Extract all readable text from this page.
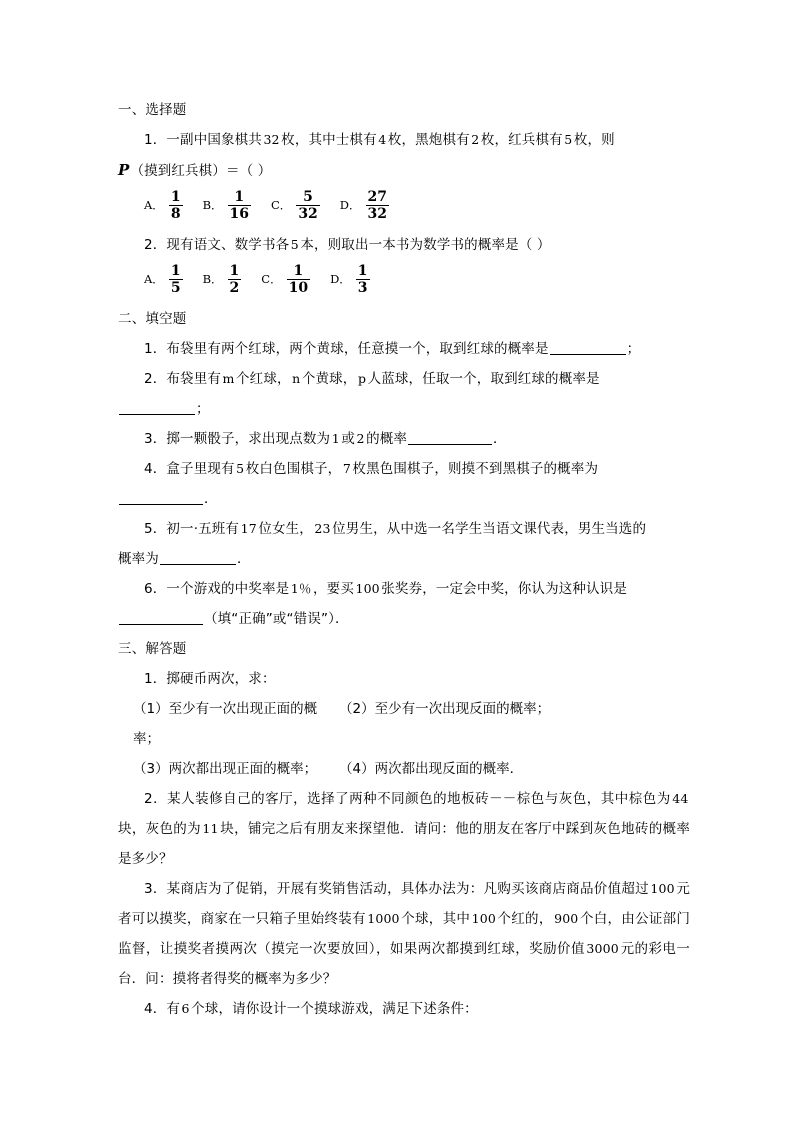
一、选择题

1．一副中国象棋共 32 枚，其中士棋有 4 枚，黑炮棋有 2 枚，红兵棋有 5 枚，则

P（摸到红兵棋）＝（ ）

A． $\frac{1}{8}$ B． $\frac{1}{16}$ C． $\frac{5}{32}$ D． $\frac{27}{32}$

2．现有语文、数学书各 5 本，则取出一本书为数学书的概率是（ ）

A． $\frac{1}{5}$ B． $\frac{1}{2}$ C． $\frac{1}{10}$ D． $\frac{1}{3}$

二、填空题

1．布袋里有两个红球，两个黄球，任意摸一个，取到红球的概率是	；

2．布袋里有 m 个红球， n 个黄球， p 人蓝球，任取一个，取到红球的概率是

；

3．掷一颗骰子，求出现点数为 1 或 2 的概率	．

4．盒子里现有 5 枚白色围棋子， 7 枚黑色围棋子，则摸不到黑棋子的概率为

．

5．初一·五班有 17 位女生， 23 位男生，从中选一名学生当语文课代表，男生当选的

概率为	．

6．一个游戏的中奖率是 1％ ，要买 100 张奖券，一定会中奖，你认为这种认识是

（填“正确”或“错误”）．

三、解答题

1．掷硬币两次，求：

（1）至少有一次出现正面的概率；
（2）至少有一次出现反面的概率；
（3）两次都出现正面的概率；	（4）两次都出现反面的概率．

2．某人装修自己的客厅，选择了两种不同颜色的地板砖－－棕色与灰色，其中棕色为 44块，灰色的为 11 块，铺完之后有朋友来探望他．请问：他的朋友在客厅中踩到灰色地砖的概率是多少？

3．某商店为了促销，开展有奖销售活动，具体办法为：凡购买该商店商品价值超过 100 元者可以摸奖，商家在一只箱子里始终装有 1000 个球，其中 100 个红的， 900 个白，由公证部门监督，让摸奖者摸两次（摸完一次要放回），如果两次都摸到红球，奖励价值 3000 元的彩电一台．问：摸将者得奖的概率为多少？

4．有 6 个球，请你设计一个摸球游戏，满足下述条件：
